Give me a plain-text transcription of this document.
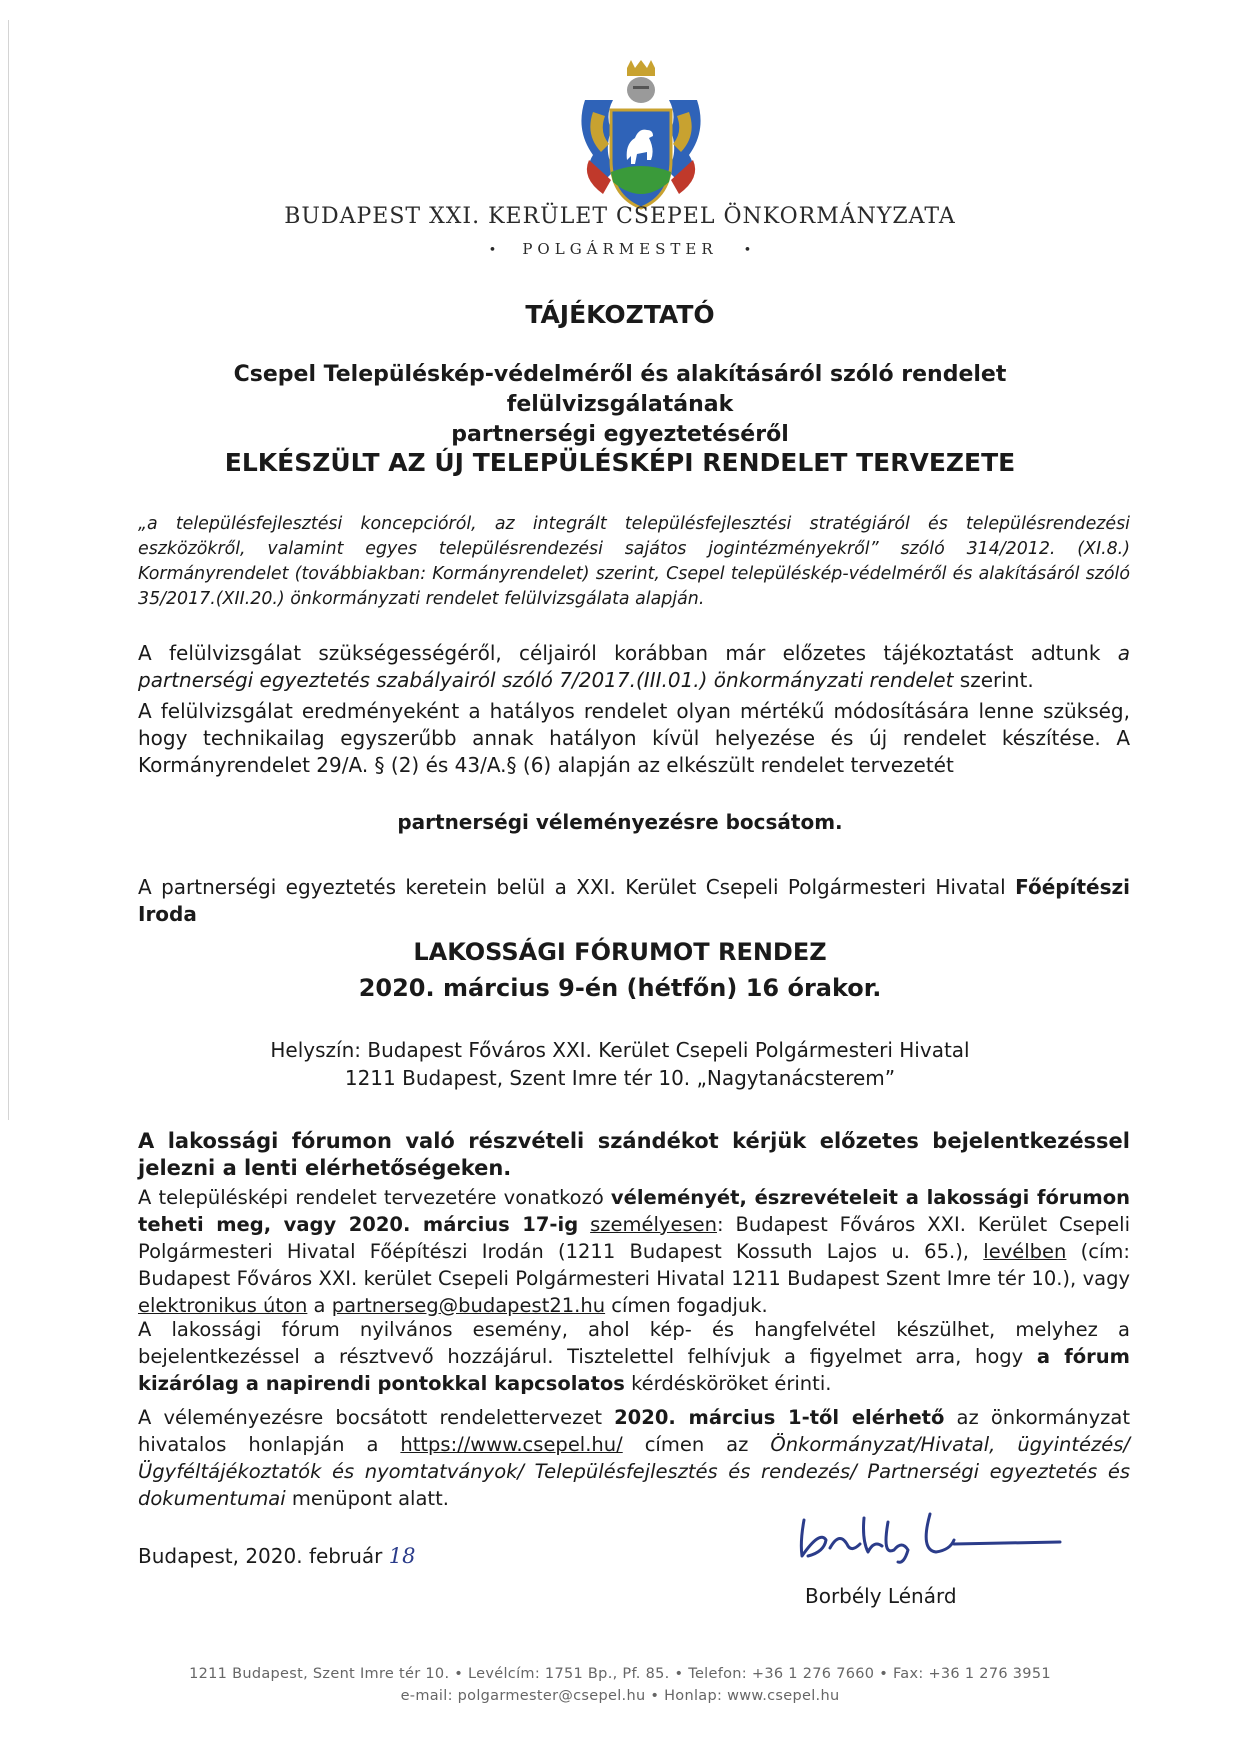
BUDAPEST XXI. KERÜLET CSEPEL ÖNKORMÁNYZATA
• POLGÁRMESTER •
TÁJÉKOZTATÓ
Csepel Településkép-védelméről és alakításáról szóló rendelet felülvizsgálatának
partnerségi egyeztetéséről
ELKÉSZÜLT AZ ÚJ TELEPÜLÉSKÉPI RENDELET TERVEZETE
„a településfejlesztési koncepcióról, az integrált településfejlesztési stratégiáról és településrendezési eszközökről, valamint egyes településrendezési sajátos jogintézményekről” szóló 314/2012. (XI.8.) Kormányrendelet (továbbiakban: Kormányrendelet) szerint, Csepel településkép-védelméről és alakításáról szóló 35/2017.(XII.20.) önkormányzati rendelet felülvizsgálata alapján.
A felülvizsgálat szükségességéről, céljairól korábban már előzetes tájékoztatást adtunk a partnerségi egyeztetés szabályairól szóló 7/2017.(III.01.) önkormányzati rendelet szerint.
A felülvizsgálat eredményeként a hatályos rendelet olyan mértékű módosítására lenne szükség, hogy technikailag egyszerűbb annak hatályon kívül helyezése és új rendelet készítése. A Kormányrendelet 29/A. § (2) és 43/A.§ (6) alapján az elkészült rendelet tervezetét
partnerségi véleményezésre bocsátom.
A partnerségi egyeztetés keretein belül a XXI. Kerület Csepeli Polgármesteri Hivatal Főépítészi Iroda
LAKOSSÁGI FÓRUMOT RENDEZ
2020. március 9-én (hétfőn) 16 órakor.
Helyszín: Budapest Főváros XXI. Kerület Csepeli Polgármesteri Hivatal
1211 Budapest, Szent Imre tér 10. „Nagytanácsterem”
A lakossági fórumon való részvételi szándékot kérjük előzetes bejelentkezéssel jelezni a lenti elérhetőségeken.
A településképi rendelet tervezetére vonatkozó véleményét, észrevételeit a lakossági fórumon teheti meg, vagy 2020. március 17-ig személyesen: Budapest Főváros XXI. Kerület Csepeli Polgármesteri Hivatal Főépítészi Irodán (1211 Budapest Kossuth Lajos u. 65.), levélben (cím: Budapest Főváros XXI. kerület Csepeli Polgármesteri Hivatal 1211 Budapest Szent Imre tér 10.), vagy elektronikus úton a partnerseg@budapest21.hu címen fogadjuk.
A lakossági fórum nyilvános esemény, ahol kép- és hangfelvétel készülhet, melyhez a bejelentkezéssel a résztvevő hozzájárul. Tisztelettel felhívjuk a figyelmet arra, hogy a fórum kizárólag a napirendi pontokkal kapcsolatos kérdésköröket érinti.
A véleményezésre bocsátott rendelettervezet 2020. március 1-től elérhető az önkormányzat hivatalos honlapján a https://www.csepel.hu/ címen az Önkormányzat/Hivatal, ügyintézés/ Ügyféltájékoztatók és nyomtatványok/ Településfejlesztés és rendezés/ Partnerségi egyeztetés és dokumentumai menüpont alatt.
Budapest, 2020. február 18
Borbély Lénárd
1211 Budapest, Szent Imre tér 10. • Levélcím: 1751 Bp., Pf. 85. • Telefon: +36 1 276 7660 • Fax: +36 1 276 3951
e-mail: polgarmester@csepel.hu • Honlap: www.csepel.hu
